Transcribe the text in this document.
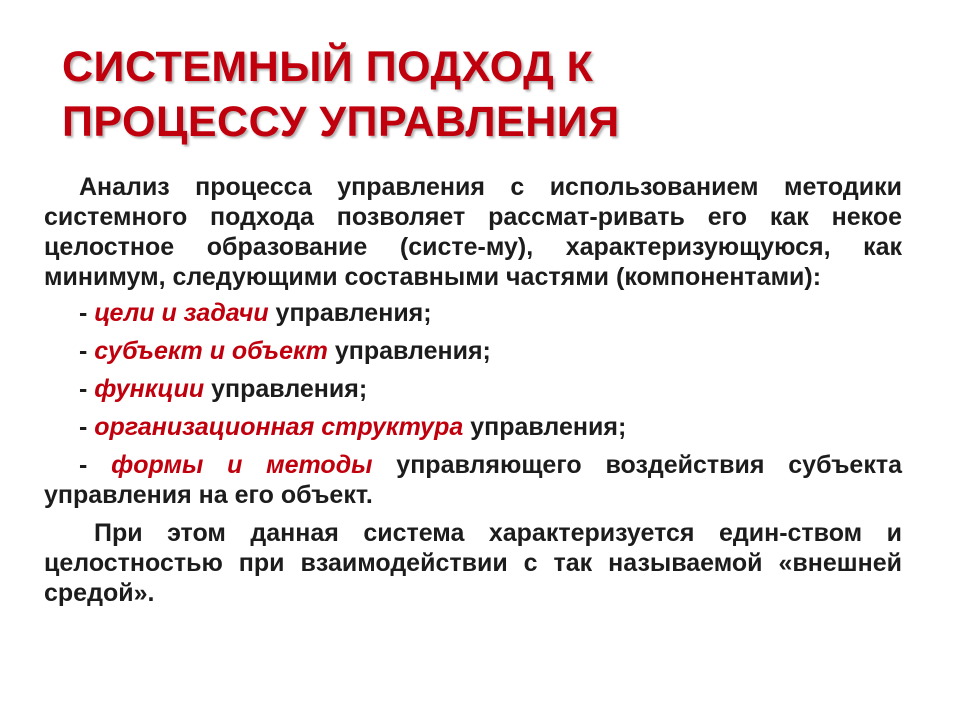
СИСТЕМНЫЙ ПОДХОД К
ПРОЦЕССУ УПРАВЛЕНИЯ

Анализ процесса управления с использованием методики системного подхода позволяет рассмат-ривать его как некое целостное образование (систе-му), характеризующуюся, как минимум, следующими составными частями (компонентами):

- цели и задачи управления;
- субъект и объект управления;
- функции управления;
- организационная структура управления;
- формы и методы управляющего воздействия субъекта управления на его объект.

При этом данная система характеризуется един-ством и целостностью при взаимодействии с так называемой «внешней средой».
